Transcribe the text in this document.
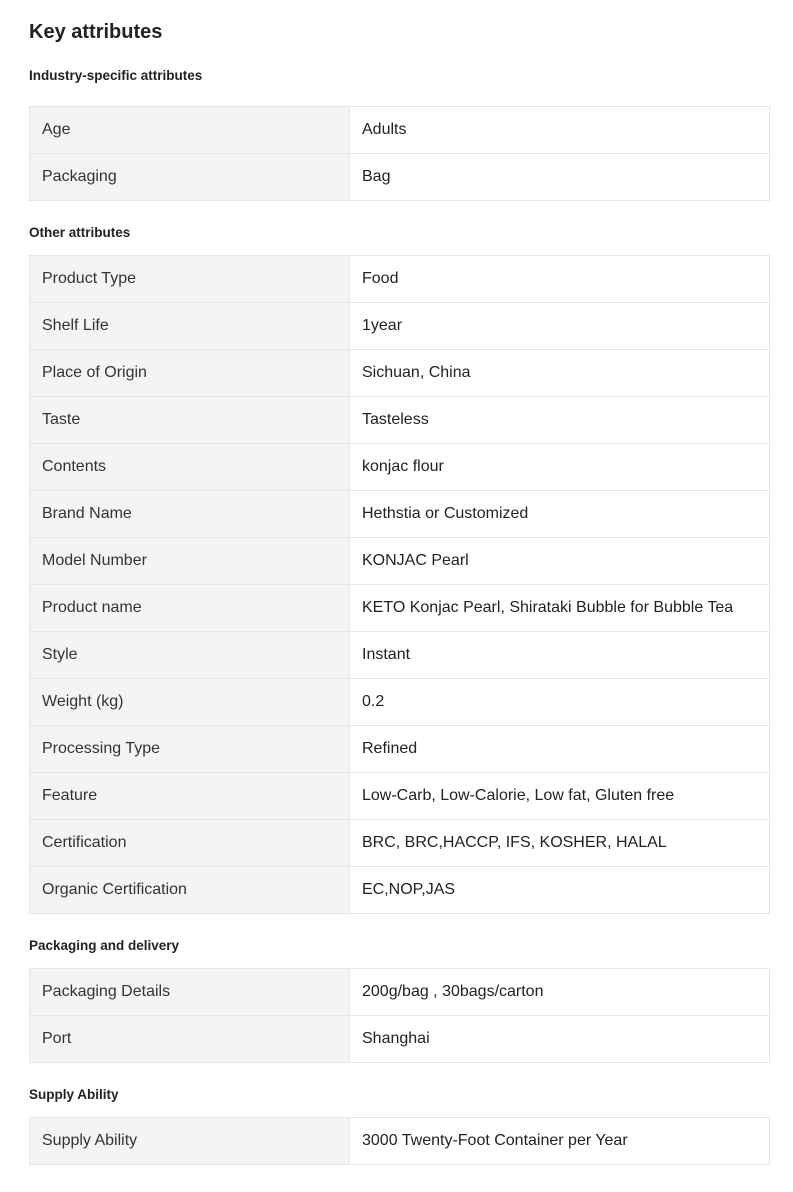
Key attributes
Industry-specific attributes
Age	Adults
Packaging	Bag
Other attributes
Product Type	Food
Shelf Life	1year
Place of Origin	Sichuan, China
Taste	Tasteless
Contents	konjac flour
Brand Name	Hethstia or Customized
Model Number	KONJAC Pearl
Product name	KETO Konjac Pearl, Shirataki Bubble for Bubble Tea
Style	Instant
Weight (kg)	0.2
Processing Type	Refined
Feature	Low-Carb, Low-Calorie, Low fat, Gluten free
Certification	BRC, BRC,HACCP, IFS, KOSHER, HALAL
Organic Certification	EC,NOP,JAS
Packaging and delivery
Packaging Details	200g/bag , 30bags/carton
Port	Shanghai
Supply Ability
Supply Ability	3000 Twenty-Foot Container per Year
